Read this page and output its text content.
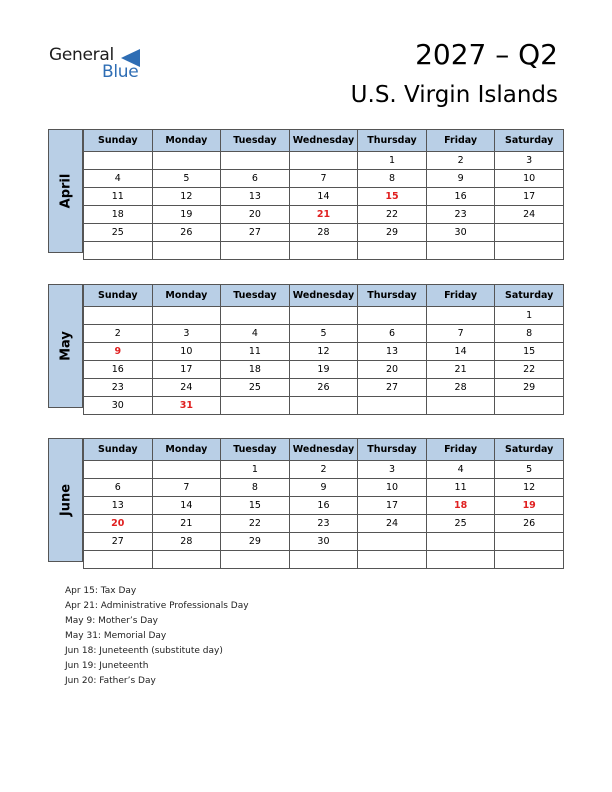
General
Blue
2027 – Q2
U.S. Virgin Islands
April
Sunday	Monday	Tuesday	Wednesday	Thursday	Friday	Saturday
				1	2	3
4	5	6	7	8	9	10
11	12	13	14	15	16	17
18	19	20	21	22	23	24
25	26	27	28	29	30	

May
Sunday	Monday	Tuesday	Wednesday	Thursday	Friday	Saturday
						1
2	3	4	5	6	7	8
9	10	11	12	13	14	15
16	17	18	19	20	21	22
23	24	25	26	27	28	29
30	31					
June
Sunday	Monday	Tuesday	Wednesday	Thursday	Friday	Saturday
		1	2	3	4	5
6	7	8	9	10	11	12
13	14	15	16	17	18	19
20	21	22	23	24	25	26
27	28	29	30			

Apr 15: Tax Day
Apr 21: Administrative Professionals Day
May 9: Mother’s Day
May 31: Memorial Day
Jun 18: Juneteenth (substitute day)
Jun 19: Juneteenth
Jun 20: Father’s Day
